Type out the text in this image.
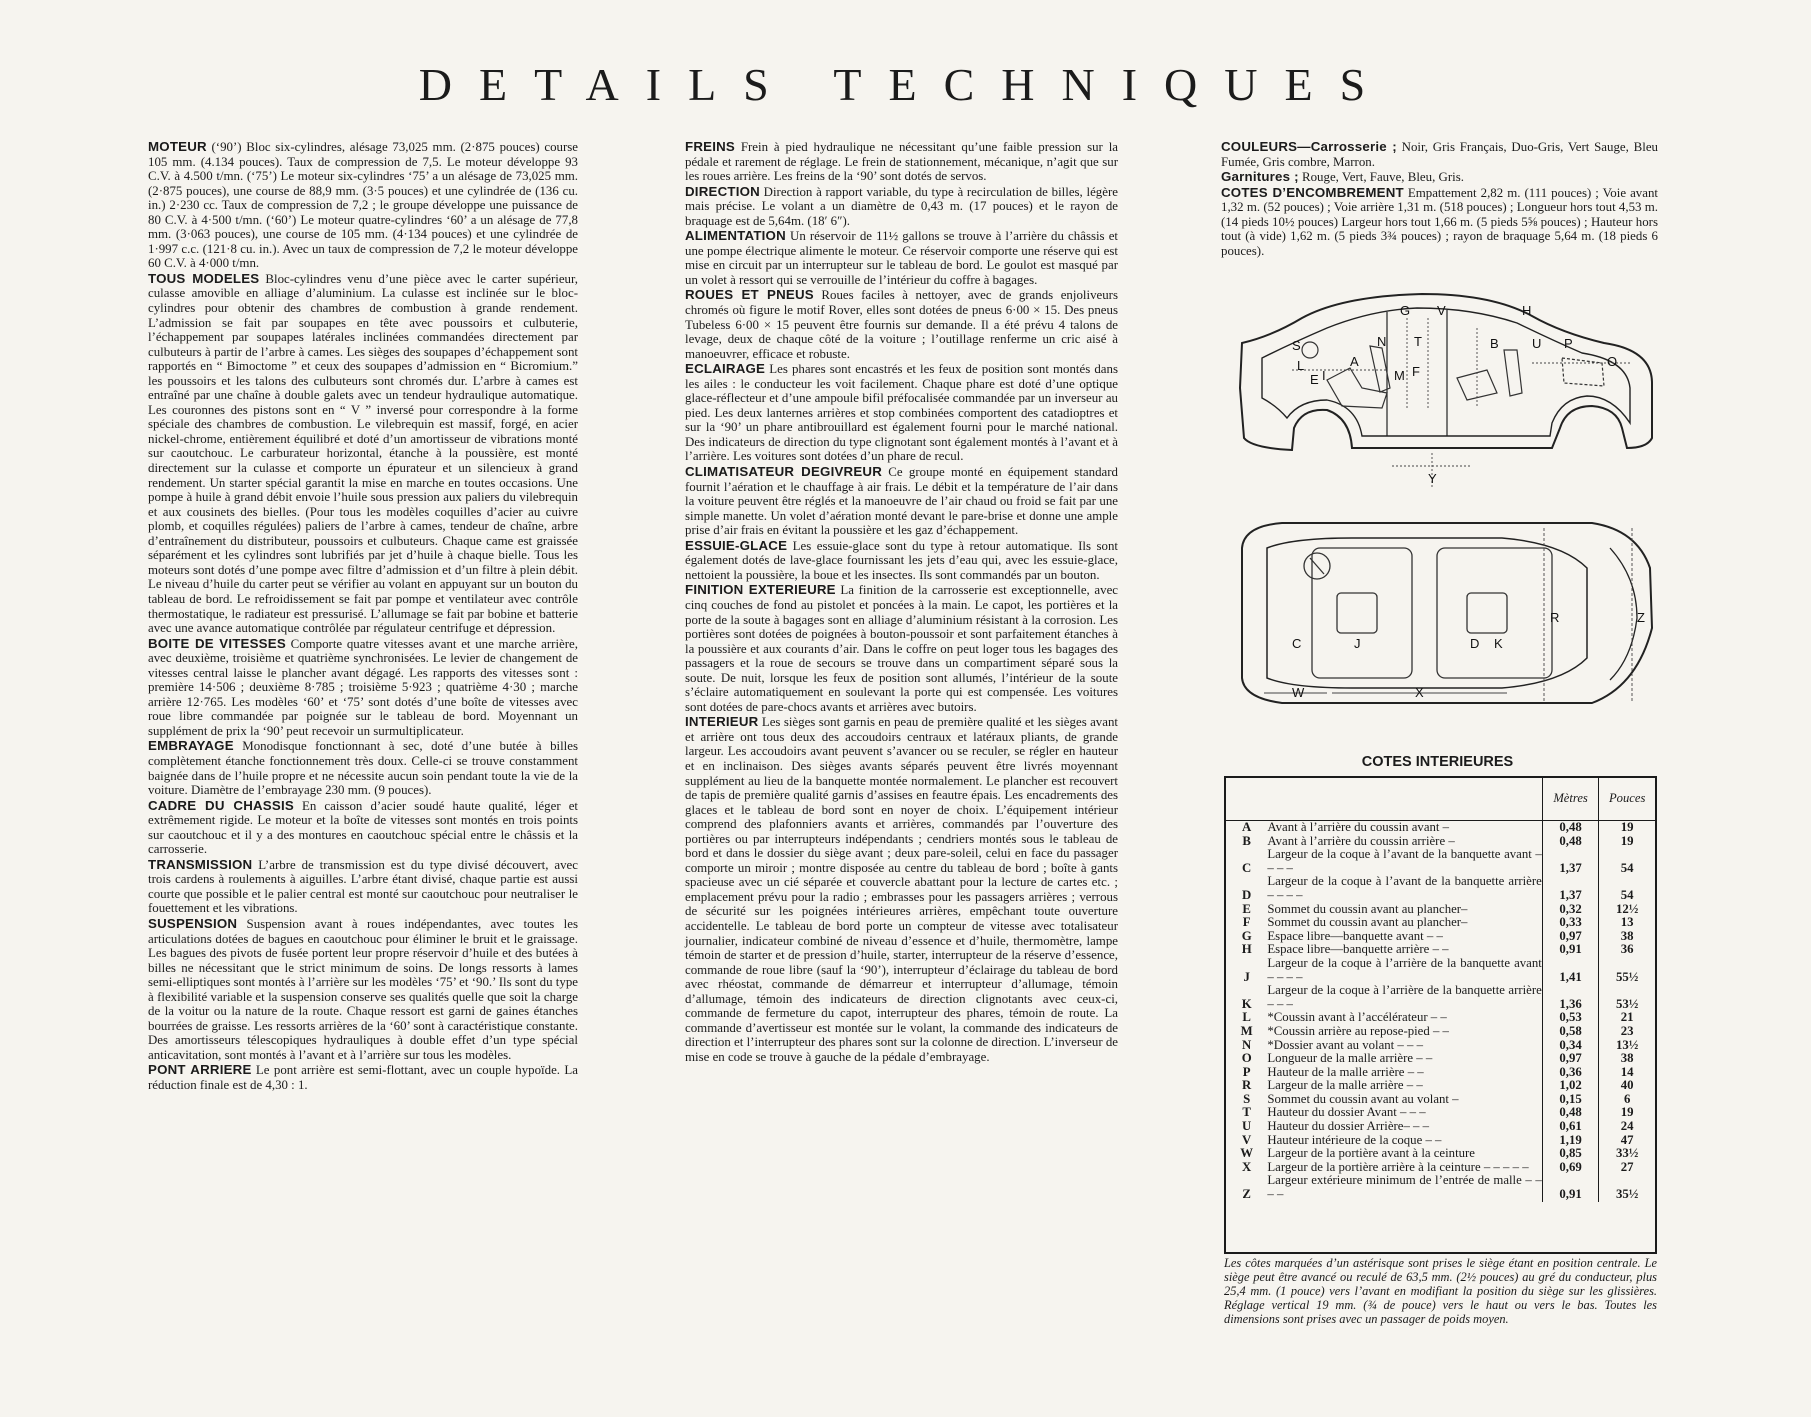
DETAILS TECHNIQUES

MOTEUR (‘90’) Bloc six-cylindres, alésage 73,025 mm. (2·875 pouces) course 105 mm. (4.134 pouces). Taux de compression de 7,5. Le moteur développe 93 C.V. à 4.500 t/mn. (‘75’) Le moteur six-cylindres ‘75’ a un alésage de 73,025 mm. (2·875 pouces), une course de 88,9 mm. (3·5 pouces) et une cylindrée de (136 cu. in.) 2·230 cc. Taux de compression de 7,2 ; le groupe développe une puissance de 80 C.V. à 4·500 t/mn. (‘60’) Le moteur quatre-cylindres ‘60’ a un alésage de 77,8 mm. (3·063 pouces), une course de 105 mm. (4·134 pouces) et une cylindrée de 1·997 c.c. (121·8 cu. in.). Avec un taux de compression de 7,2 le moteur développe 60 C.V. à 4·000 t/mn.

TOUS MODELES Bloc-cylindres venu d’une pièce avec le carter supérieur, culasse amovible en alliage d’aluminium. La culasse est inclinée sur le bloc-cylindres pour obtenir des chambres de combustion à grande rendement. L’admission se fait par soupapes en tête avec poussoirs et culbuterie, l’échappement par soupapes latérales inclinées commandées directement par culbuteurs à partir de l’arbre à cames. Les sièges des soupapes d’échappement sont rapportés en “ Bimoctome ” et ceux des soupapes d’admission en “ Bicromium.” les poussoirs et les talons des culbuteurs sont chromés dur. L’arbre à cames est entraîné par une chaîne à double galets avec un tendeur hydraulique automatique. Les couronnes des pistons sont en “ V ” inversé pour correspondre à la forme spéciale des chambres de combustion. Le vilebrequin est massif, forgé, en acier nickel-chrome, entièrement équilibré et doté d’un amortisseur de vibrations monté sur caoutchouc. Le carburateur horizontal, étanche à la poussière, est monté directement sur la culasse et comporte un épurateur et un silencieux à grand rendement. Un starter spécial garantit la mise en marche en toutes occasions. Une pompe à huile à grand débit envoie l’huile sous pression aux paliers du vilebrequin et aux cousinets des bielles. (Pour tous les modèles coquilles d’acier au cuivre plomb, et coquilles régulées) paliers de l’arbre à cames, tendeur de chaîne, arbre d’entraînement du distributeur, poussoirs et culbuteurs. Chaque came est graissée séparément et les cylindres sont lubrifiés par jet d’huile à chaque bielle. Tous les moteurs sont dotés d’une pompe avec filtre d’admission et d’un filtre à plein débit. Le niveau d’huile du carter peut se vérifier au volant en appuyant sur un bouton du tableau de bord. Le refroidissement se fait par pompe et ventilateur avec contrôle thermostatique, le radiateur est pressurisé. L’allumage se fait par bobine et batterie avec une avance automatique contrôlée par régulateur centrifuge et dépression.

BOITE DE VITESSES Comporte quatre vitesses avant et une marche arrière, avec deuxième, troisième et quatrième synchronisées. Le levier de changement de vitesses central laisse le plancher avant dégagé. Les rapports des vitesses sont : première 14·506 ; deuxième 8·785 ; troisième 5·923 ; quatrième 4·30 ; marche arrière 12·765. Les modèles ‘60’ et ‘75’ sont dotés d’une boîte de vitesses avec roue libre commandée par poignée sur le tableau de bord. Moyennant un supplément de prix la ‘90’ peut recevoir un surmultiplicateur.

EMBRAYAGE Monodisque fonctionnant à sec, doté d’une butée à billes complètement étanche fonctionnement très doux. Celle-ci se trouve constamment baignée dans de l’huile propre et ne nécessite aucun soin pendant toute la vie de la voiture. Diamètre de l’embrayage 230 mm. (9 pouces).

CADRE DU CHASSIS En caisson d’acier soudé haute qualité, léger et extrêmement rigide. Le moteur et la boîte de vitesses sont montés en trois points sur caoutchouc et il y a des montures en caoutchouc spécial entre le châssis et la carrosserie.

TRANSMISSION L’arbre de transmission est du type divisé découvert, avec trois cardens à roulements à aiguilles. L’arbre étant divisé, chaque partie est aussi courte que possible et le palier central est monté sur caoutchouc pour neutraliser le fouettement et les vibrations.

SUSPENSION Suspension avant à roues indépendantes, avec toutes les articulations dotées de bagues en caoutchouc pour éliminer le bruit et le graissage. Les bagues des pivots de fusée portent leur propre réservoir d’huile et des butées à billes ne nécessitant que le strict minimum de soins. De longs ressorts à lames semi-elliptiques sont montés à l’arrière sur les modèles ‘75’ et ‘90.’ Ils sont du type à flexibilité variable et la suspension conserve ses qualités quelle que soit la charge de la voitur ou la nature de la route. Chaque ressort est garni de gaines étanches bourrées de graisse. Les ressorts arrières de la ‘60’ sont à caractéristique constante. Des amortisseurs télescopiques hydrauliques à double effet d’un type spécial anticavitation, sont montés à l’avant et à l’arrière sur tous les modèles.

PONT ARRIERE Le pont arrière est semi-flottant, avec un couple hypoïde. La réduction finale est de 4,30 : 1.

FREINS Frein à pied hydraulique ne nécessitant qu’une faible pression sur la pédale et rarement de réglage. Le frein de stationnement, mécanique, n’agit que sur les roues arrière. Les freins de la ‘90’ sont dotés de servos.

DIRECTION Direction à rapport variable, du type à recirculation de billes, légère mais précise. Le volant a un diamètre de 0,43 m. (17 pouces) et le rayon de braquage est de 5,64m. (18′ 6″).

ALIMENTATION Un réservoir de 11½ gallons se trouve à l’arrière du châssis et une pompe électrique alimente le moteur. Ce réservoir comporte une réserve qui est mise en circuit par un interrupteur sur le tableau de bord. Le goulot est masqué par un volet à ressort qui se verrouille de l’intérieur du coffre à bagages.

ROUES ET PNEUS Roues faciles à nettoyer, avec de grands enjoliveurs chromés où figure le motif Rover, elles sont dotées de pneus 6·00 × 15. Des pneus Tubeless 6·00 × 15 peuvent être fournis sur demande. Il a été prévu 4 talons de levage, deux de chaque côté de la voiture ; l’outillage renferme un cric aisé à manoeuvrer, efficace et robuste.

ECLAIRAGE Les phares sont encastrés et les feux de position sont montés dans les ailes : le conducteur les voit facilement. Chaque phare est doté d’une optique glace-réflecteur et d’une ampoule bifil préfocalisée commandée par un inverseur au pied. Les deux lanternes arrières et stop combinées comportent des catadioptres et sur la ‘90’ un phare antibrouillard est également fourni pour le marché national. Des indicateurs de direction du type clignotant sont également montés à l’avant et à l’arrière. Les voitures sont dotées d’un phare de recul.

CLIMATISATEUR DEGIVREUR Ce groupe monté en équipement standard fournit l’aération et le chauffage à air frais. Le débit et la température de l’air dans la voiture peuvent être réglés et la manoeuvre de l’air chaud ou froid se fait par une simple manette. Un volet d’aération monté devant le pare-brise et donne une ample prise d’air frais en évitant la poussière et les gaz d’échappement.

ESSUIE-GLACE Les essuie-glace sont du type à retour automatique. Ils sont également dotés de lave-glace fournissant les jets d’eau qui, avec les essuie-glace, nettoient la poussière, la boue et les insectes. Ils sont commandés par un bouton.

FINITION EXTERIEURE La finition de la carrosserie est exceptionnelle, avec cinq couches de fond au pistolet et poncées à la main. Le capot, les portières et la porte de la soute à bagages sont en alliage d’aluminium résistant à la corrosion. Les portières sont dotées de poignées à bouton-poussoir et sont parfaitement étanches à la poussière et aux courants d’air. Dans le coffre on peut loger tous les bagages des passagers et la roue de secours se trouve dans un compartiment séparé sous la soute. De nuit, lorsque les feux de position sont allumés, l’intérieur de la soute s’éclaire automatiquement en soulevant la porte qui est compensée. Les voitures sont dotées de pare-chocs avants et arrières avec butoirs.

INTERIEUR Les sièges sont garnis en peau de première qualité et les sièges avant et arrière ont tous deux des accoudoirs centraux et latéraux pliants, de grande largeur. Les accoudoirs avant peuvent s’avancer ou se reculer, se régler en hauteur et en inclinaison. Des sièges avants séparés peuvent être livrés moyennant supplément au lieu de la banquette montée normalement. Le plancher est recouvert de tapis de première qualité garnis d’assises en feautre épais. Les encadrements des glaces et le tableau de bord sont en noyer de choix. L’équipement intérieur comprend des plafonniers avants et arrières, commandés par l’ouverture des portières ou par interrupteurs indépendants ; cendriers montés sous le tableau de bord et dans le dossier du siège avant ; deux pare-soleil, celui en face du passager comporte un miroir ; montre disposée au centre du tableau de bord ; boîte à gants spacieuse avec un cié séparée et couvercle abattant pour la lecture de cartes etc. ; emplacement prévu pour la radio ; embrasses pour les passagers arrières ; verrous de sécurité sur les poignées intérieures arrières, empêchant toute ouverture accidentelle. Le tableau de bord porte un compteur de vitesse avec totalisateur journalier, indicateur combiné de niveau d’essence et d’huile, thermomètre, lampe témoin de starter et de pression d’huile, starter, interrupteur de la réserve d’essence, commande de roue libre (sauf la ‘90’), interrupteur d’éclairage du tableau de bord avec rhéostat, commande de démarreur et interrupteur d’allumage, témoin d’allumage, témoin des indicateurs de direction clignotants avec ceux-ci, commande de fermeture du capot, interrupteur des phares, témoin de route. La commande d’avertisseur est montée sur le volant, la commande des indicateurs de direction et l’interrupteur des phares sont sur la colonne de direction. L’inverseur de mise en code se trouve à gauche de la pédale d’embrayage.

COULEURS—Carrosserie ; Noir, Gris Français, Duo-Gris, Vert Sauge, Bleu Fumée, Gris combre, Marron.

Garnitures ; Rouge, Vert, Fauve, Bleu, Gris.

COTES D’ENCOMBREMENT Empattement 2,82 m. (111 pouces) ; Voie avant 1,32 m. (52 pouces) ; Voie arrière 1,31 m. (518 pouces) ; Longueur hors tout 4,53 m. (14 pieds 10½ pouces) Largeur hors tout 1,66 m. (5 pieds 5⅝ pouces) ; Hauteur hors tout (à vide) 1,62 m. (5 pieds 3¾ pouces) ; rayon de braquage 5,64 m. (18 pieds 6 pouces).

G V	H
S	N T	B	U P
L	A
I	M F
O
E
Y
R	Z
C	J	D K
W	X
COTES INTERIEURES
		Mètres	Pouces
A	Avant à l’arrière du coussin avant –	0,48	19
B	Avant à l’arrière du coussin arrière –	0,48	19
C	Largeur de la coque à l’avant de la banquette avant – – – –	1,37	54
D	Largeur de la coque à l’avant de la banquette arrière – – – –	1,37	54
E	Sommet du coussin avant au plancher–	0,32	12½
F	Sommet du coussin avant au plancher–	0,33	13
G	Espace libre—banquette avant – –	0,97	38
H	Espace libre—banquette arrière – –	0,91	36
J	Largeur de la coque à l’arrière de la banquette avant – – – –	1,41	55½
K	Largeur de la coque à l’arrière de la banquette arrière – – –	1,36	53½
L	*Coussin avant à l’accélérateur – –	0,53	21
M	*Coussin arrière au repose-pied – –	0,58	23
N	*Dossier avant au volant – – –	0,34	13½
O	Longueur de la malle arrière – –	0,97	38
P	Hauteur de la malle arrière – –	0,36	14
R	Largeur de la malle arrière – –	1,02	40
S	Sommet du coussin avant au volant –	0,15	6
T	Hauteur du dossier Avant – – –	0,48	19
U	Hauteur du dossier Arrière– – –	0,61	24
V	Hauteur intérieure de la coque – –	1,19	47
W	Largeur de la portière avant à la ceinture	0,85	33½
X	Largeur de la portière arrière à la ceinture – – – – –	0,69	27
Z	Largeur extérieure minimum de l’entrée de malle – – – –	0,91	35½
Les côtes marquées d’un astérisque sont prises le siège étant en position centrale. Le siège peut être avancé ou reculé de 63,5 mm. (2½ pouces) au gré du conducteur, plus 25,4 mm. (1 pouce) vers l’avant en modifiant la position du siège sur les glissières. Réglage vertical 19 mm. (¾ de pouce) vers le haut ou vers le bas. Toutes les dimensions sont prises avec un passager de poids moyen.
